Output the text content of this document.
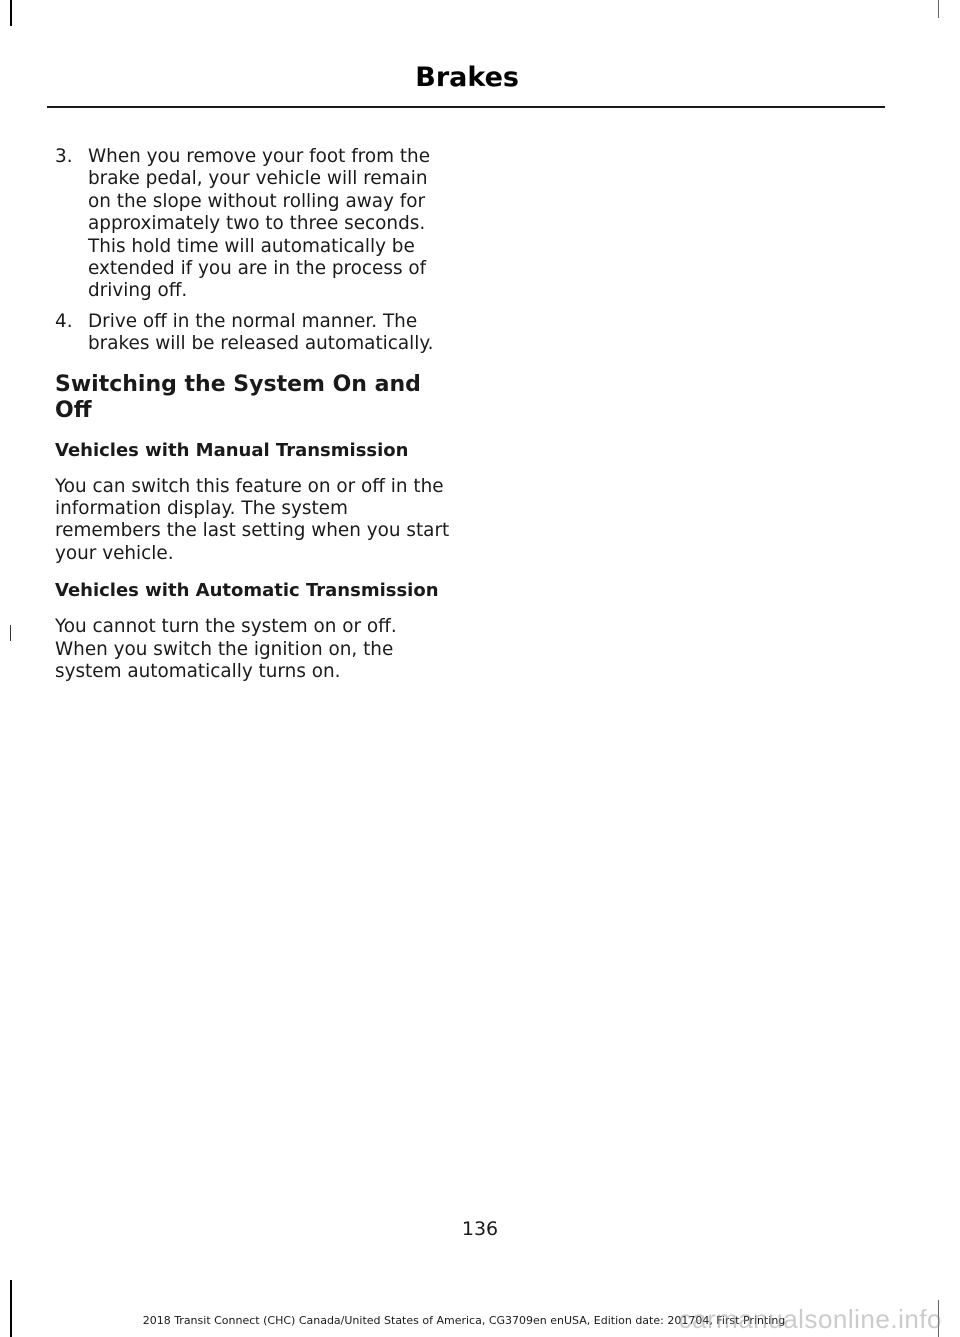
Brakes
3. When you remove your foot from the brake pedal, your vehicle will remain on the slope without rolling away for approximately two to three seconds. This hold time will automatically be extended if you are in the process of driving off.
4. Drive off in the normal manner. The brakes will be released automatically.
Switching the System On and Off
Vehicles with Manual Transmission

You can switch this feature on or off in the information display. The system remembers the last setting when you start your vehicle.

Vehicles with Automatic Transmission

You cannot turn the system on or off. When you switch the ignition on, the system automatically turns on.

136
2018 Transit Connect (CHC) Canada/United States of America, CG3709en enUSA, Edition date: 201704, First Printing
carmanualsonline.info
